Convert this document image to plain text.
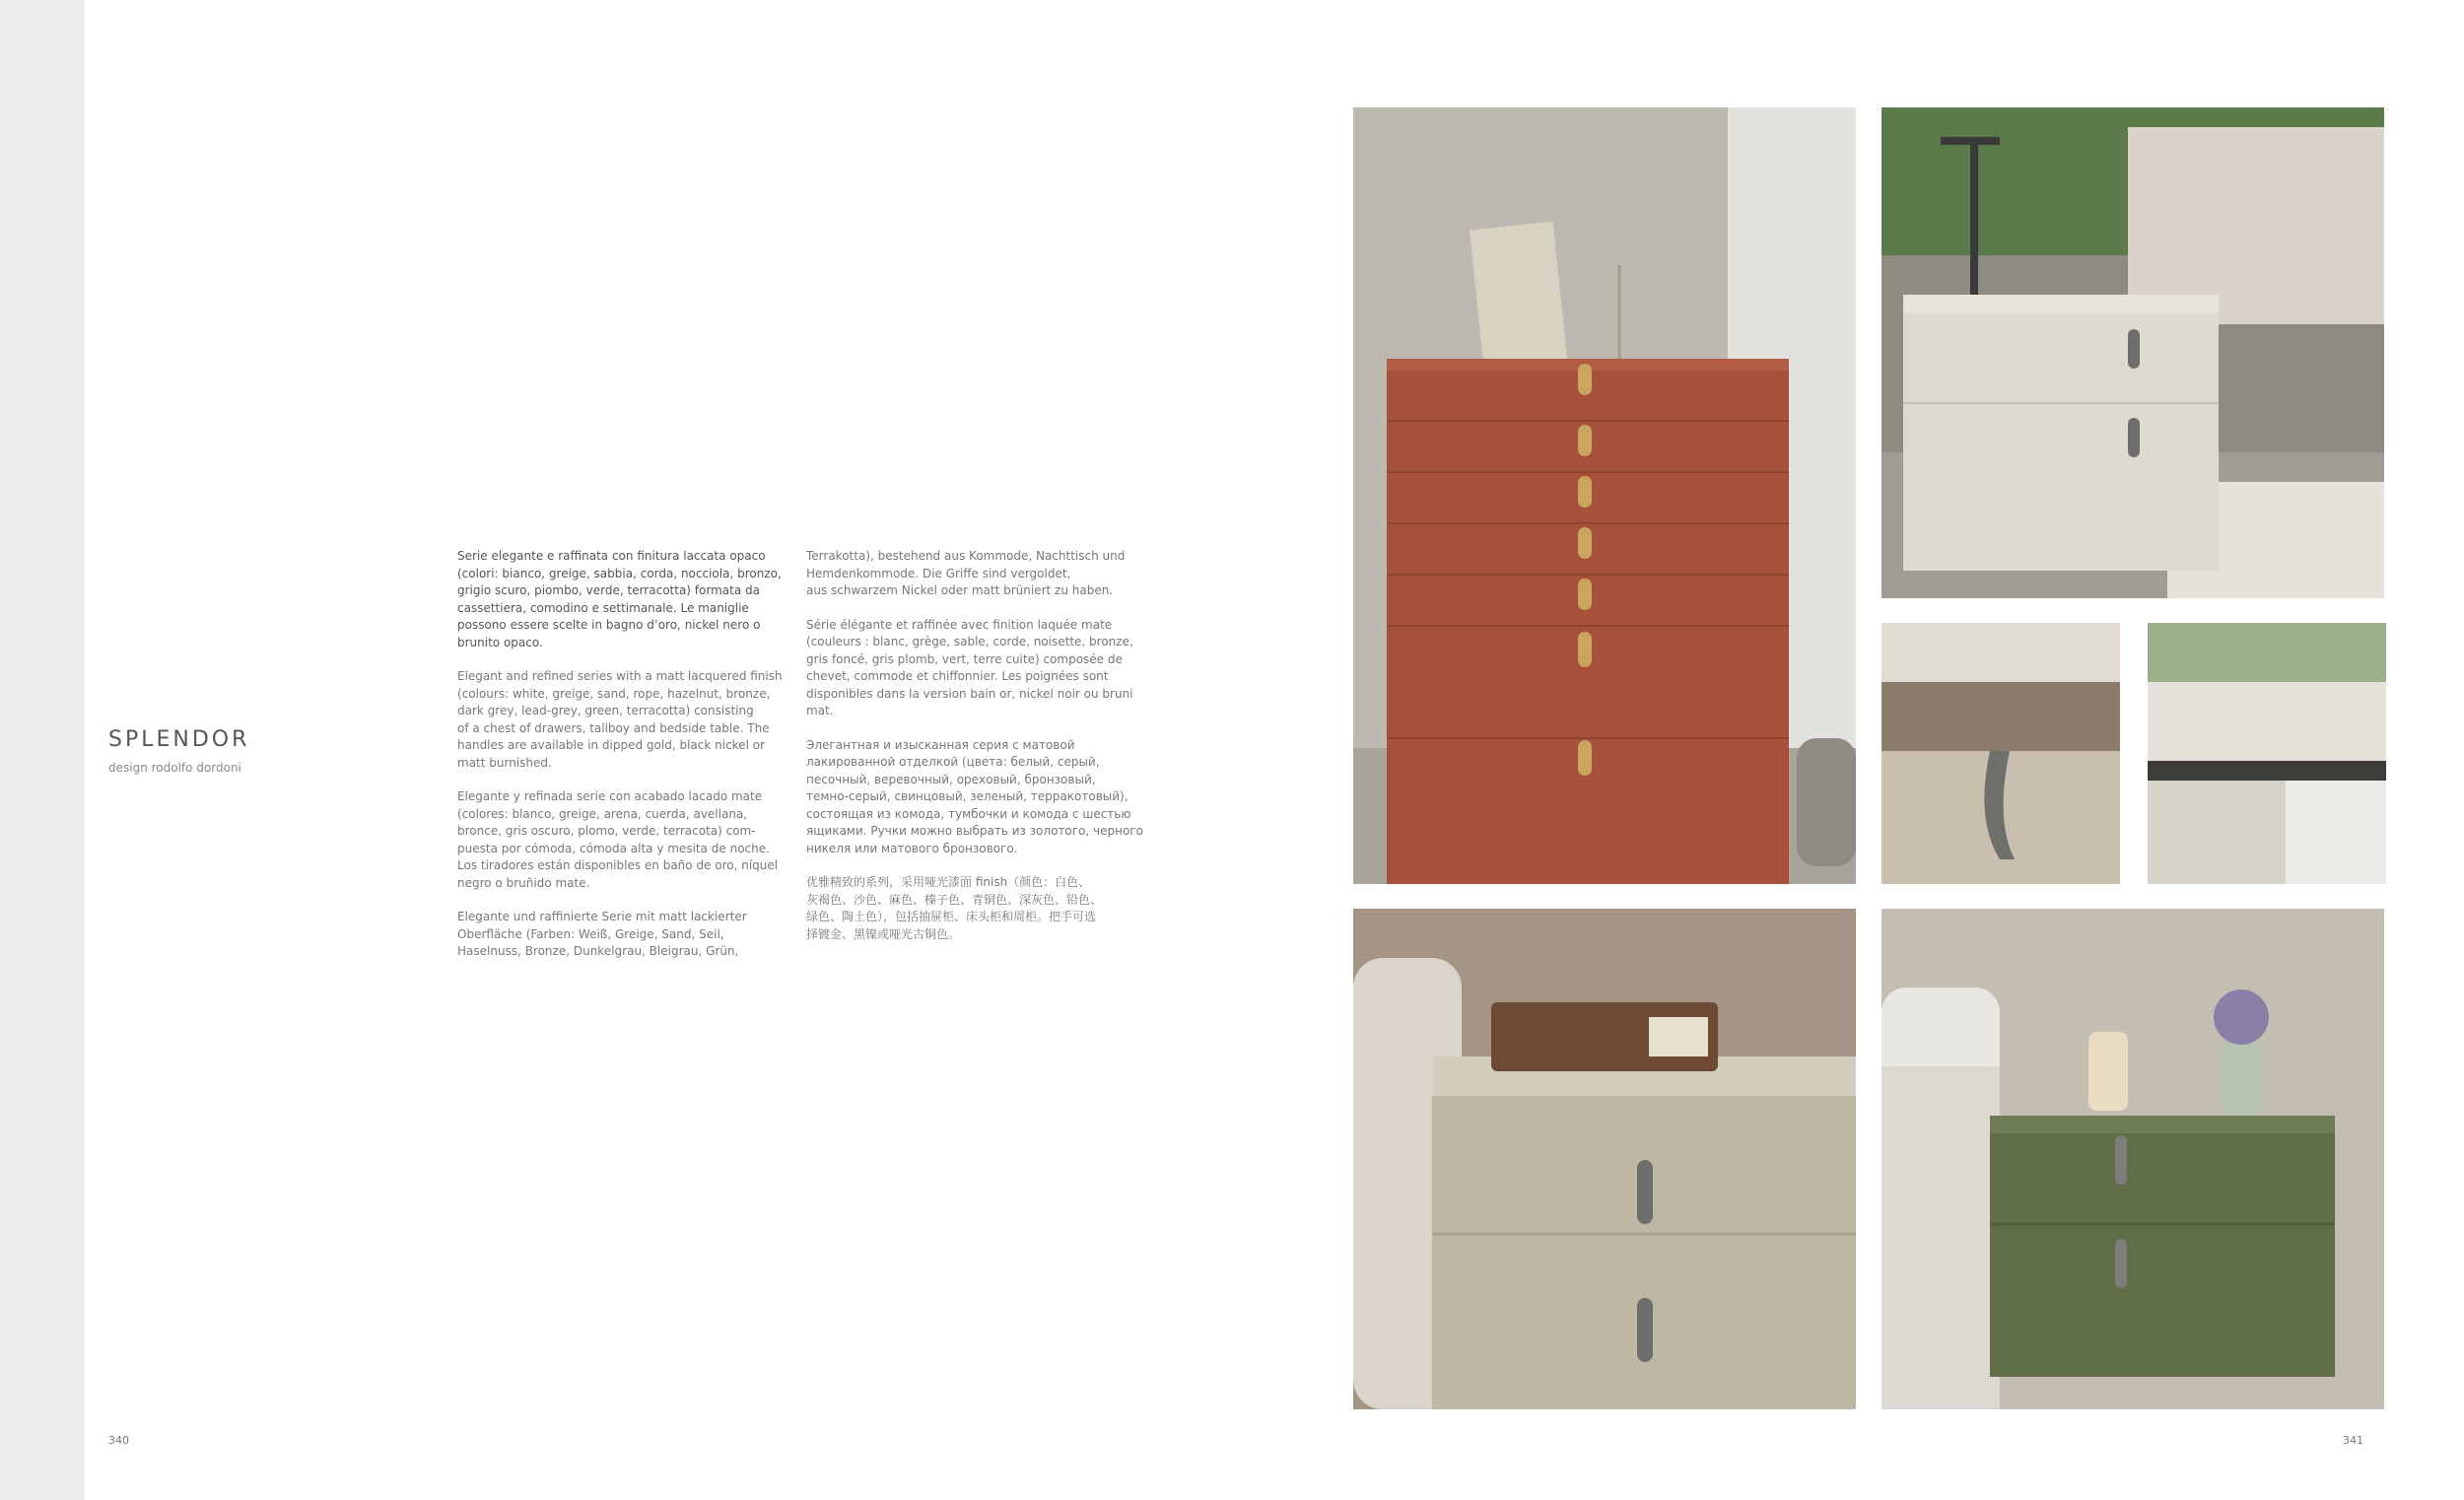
SPLENDOR

design rodolfo dordoni

Serie elegante e raffinata con finitura laccata opaco
(colori: bianco, greige, sabbia, corda, nocciola, bronzo,
grigio scuro, piombo, verde, terracotta) formata da
cassettiera, comodino e settimanale. Le maniglie
possono essere scelte in bagno d’oro, nickel nero o
brunito opaco.

Elegant and refined series with a matt lacquered finish
(colours: white, greige, sand, rope, hazelnut, bronze,
dark grey, lead-grey, green, terracotta) consisting
of a chest of drawers, tallboy and bedside table. The
handles are available in dipped gold, black nickel or
matt burnished.

Elegante y refinada serie con acabado lacado mate
(colores: blanco, greige, arena, cuerda, avellana,
bronce, gris oscuro, plomo, verde, terracota) com-
puesta por cómoda, cómoda alta y mesita de noche.
Los tiradores están disponibles en baño de oro, níquel
negro o bruñido mate.

Elegante und raffinierte Serie mit matt lackierter
Oberfläche (Farben: Weiß, Greige, Sand, Seil,
Haselnuss, Bronze, Dunkelgrau, Bleigrau, Grün,

Terrakotta), bestehend aus Kommode, Nachttisch und
Hemdenkommode. Die Griffe sind vergoldet,
aus schwarzem Nickel oder matt brüniert zu haben.

Série élégante et raffinée avec finition laquée mate
(couleurs : blanc, grège, sable, corde, noisette, bronze,
gris foncé, gris plomb, vert, terre cuite) composée de
chevet, commode et chiffonnier. Les poignées sont
disponibles dans la version bain or, nickel noir ou bruni
mat.

Элегантная и изысканная серия с матовой
лакированной отделкой (цвета: белый, серый,
песочный, веревочный, ореховый, бронзовый,
темно-серый, свинцовый, зеленый, терракотовый),
состоящая из комода, тумбочки и комода с шестью
ящиками. Ручки можно выбрать из золотого, черного
никеля или матового бронзового.

优雅精致的系列，采用哑光漆面 finish（颜色：白色、
灰褐色、沙色、麻色、榛子色、青铜色、深灰色、铅色、
绿色、陶土色），包括抽屉柜、床头柜和周柜。把手可选
择镀金、黑镍或哑光古铜色。

340	341
